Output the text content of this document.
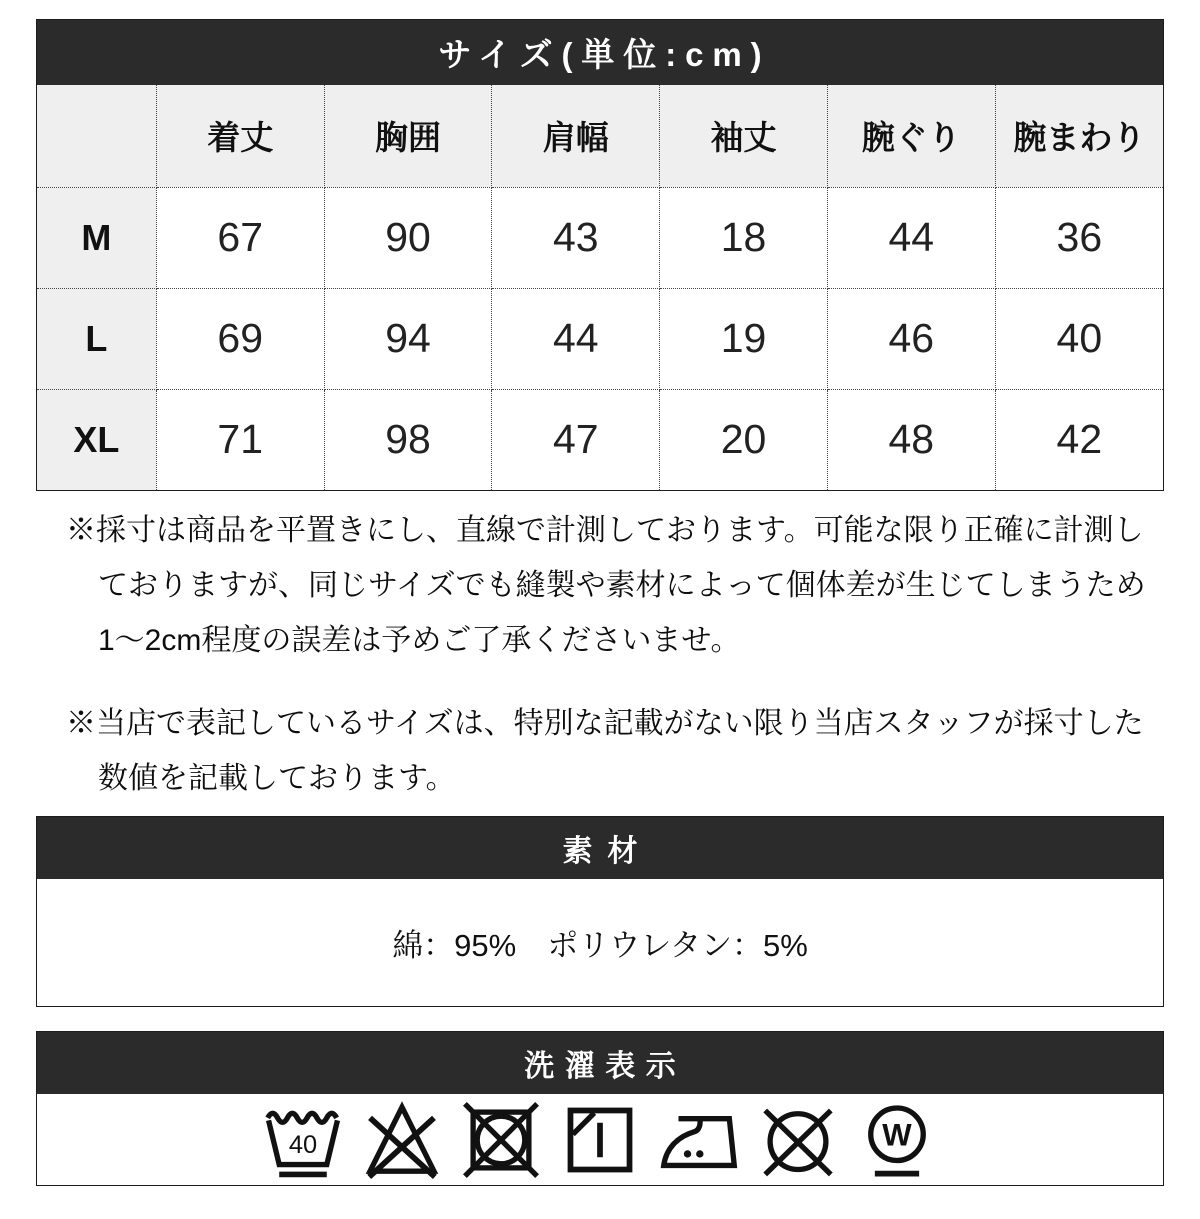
サイズ(単位:cm)
	着丈	胸囲	肩幅	袖丈	腕ぐり	腕まわり
M	67	90	43	18	44	36
L	69	94	44	19	46	40
XL	71	98	47	20	48	42
※採寸は商品を平置きにし、直線で計測しております。可能な限り正確に計測し
ておりますが、同じサイズでも縫製や素材によって個体差が生じてしまうため
1〜2cm程度の誤差は予めご了承くださいませ。
※当店で表記しているサイズは、特別な記載がない限り当店スタッフが採寸した
数値を記載しております。
素材
綿：95%　ポリウレタン：5%
洗濯表示
40	W
